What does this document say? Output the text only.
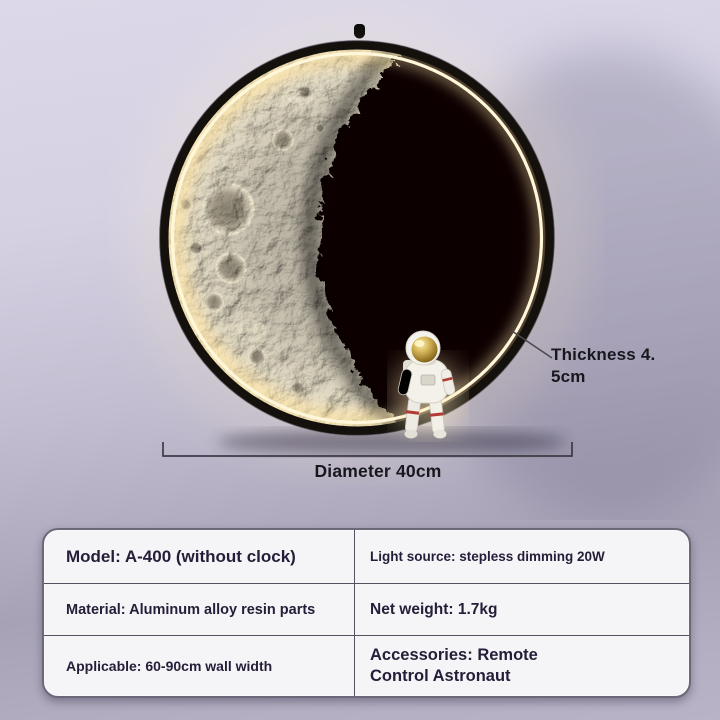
Thickness 4.
5cm
Diameter 40cm
Model: A-400 (without clock)	Light source: stepless dimming 20W
Material: Aluminum alloy resin parts	Net weight: 1.7kg
Applicable: 60-90cm wall width
Accessories: Remote Control Astronaut
